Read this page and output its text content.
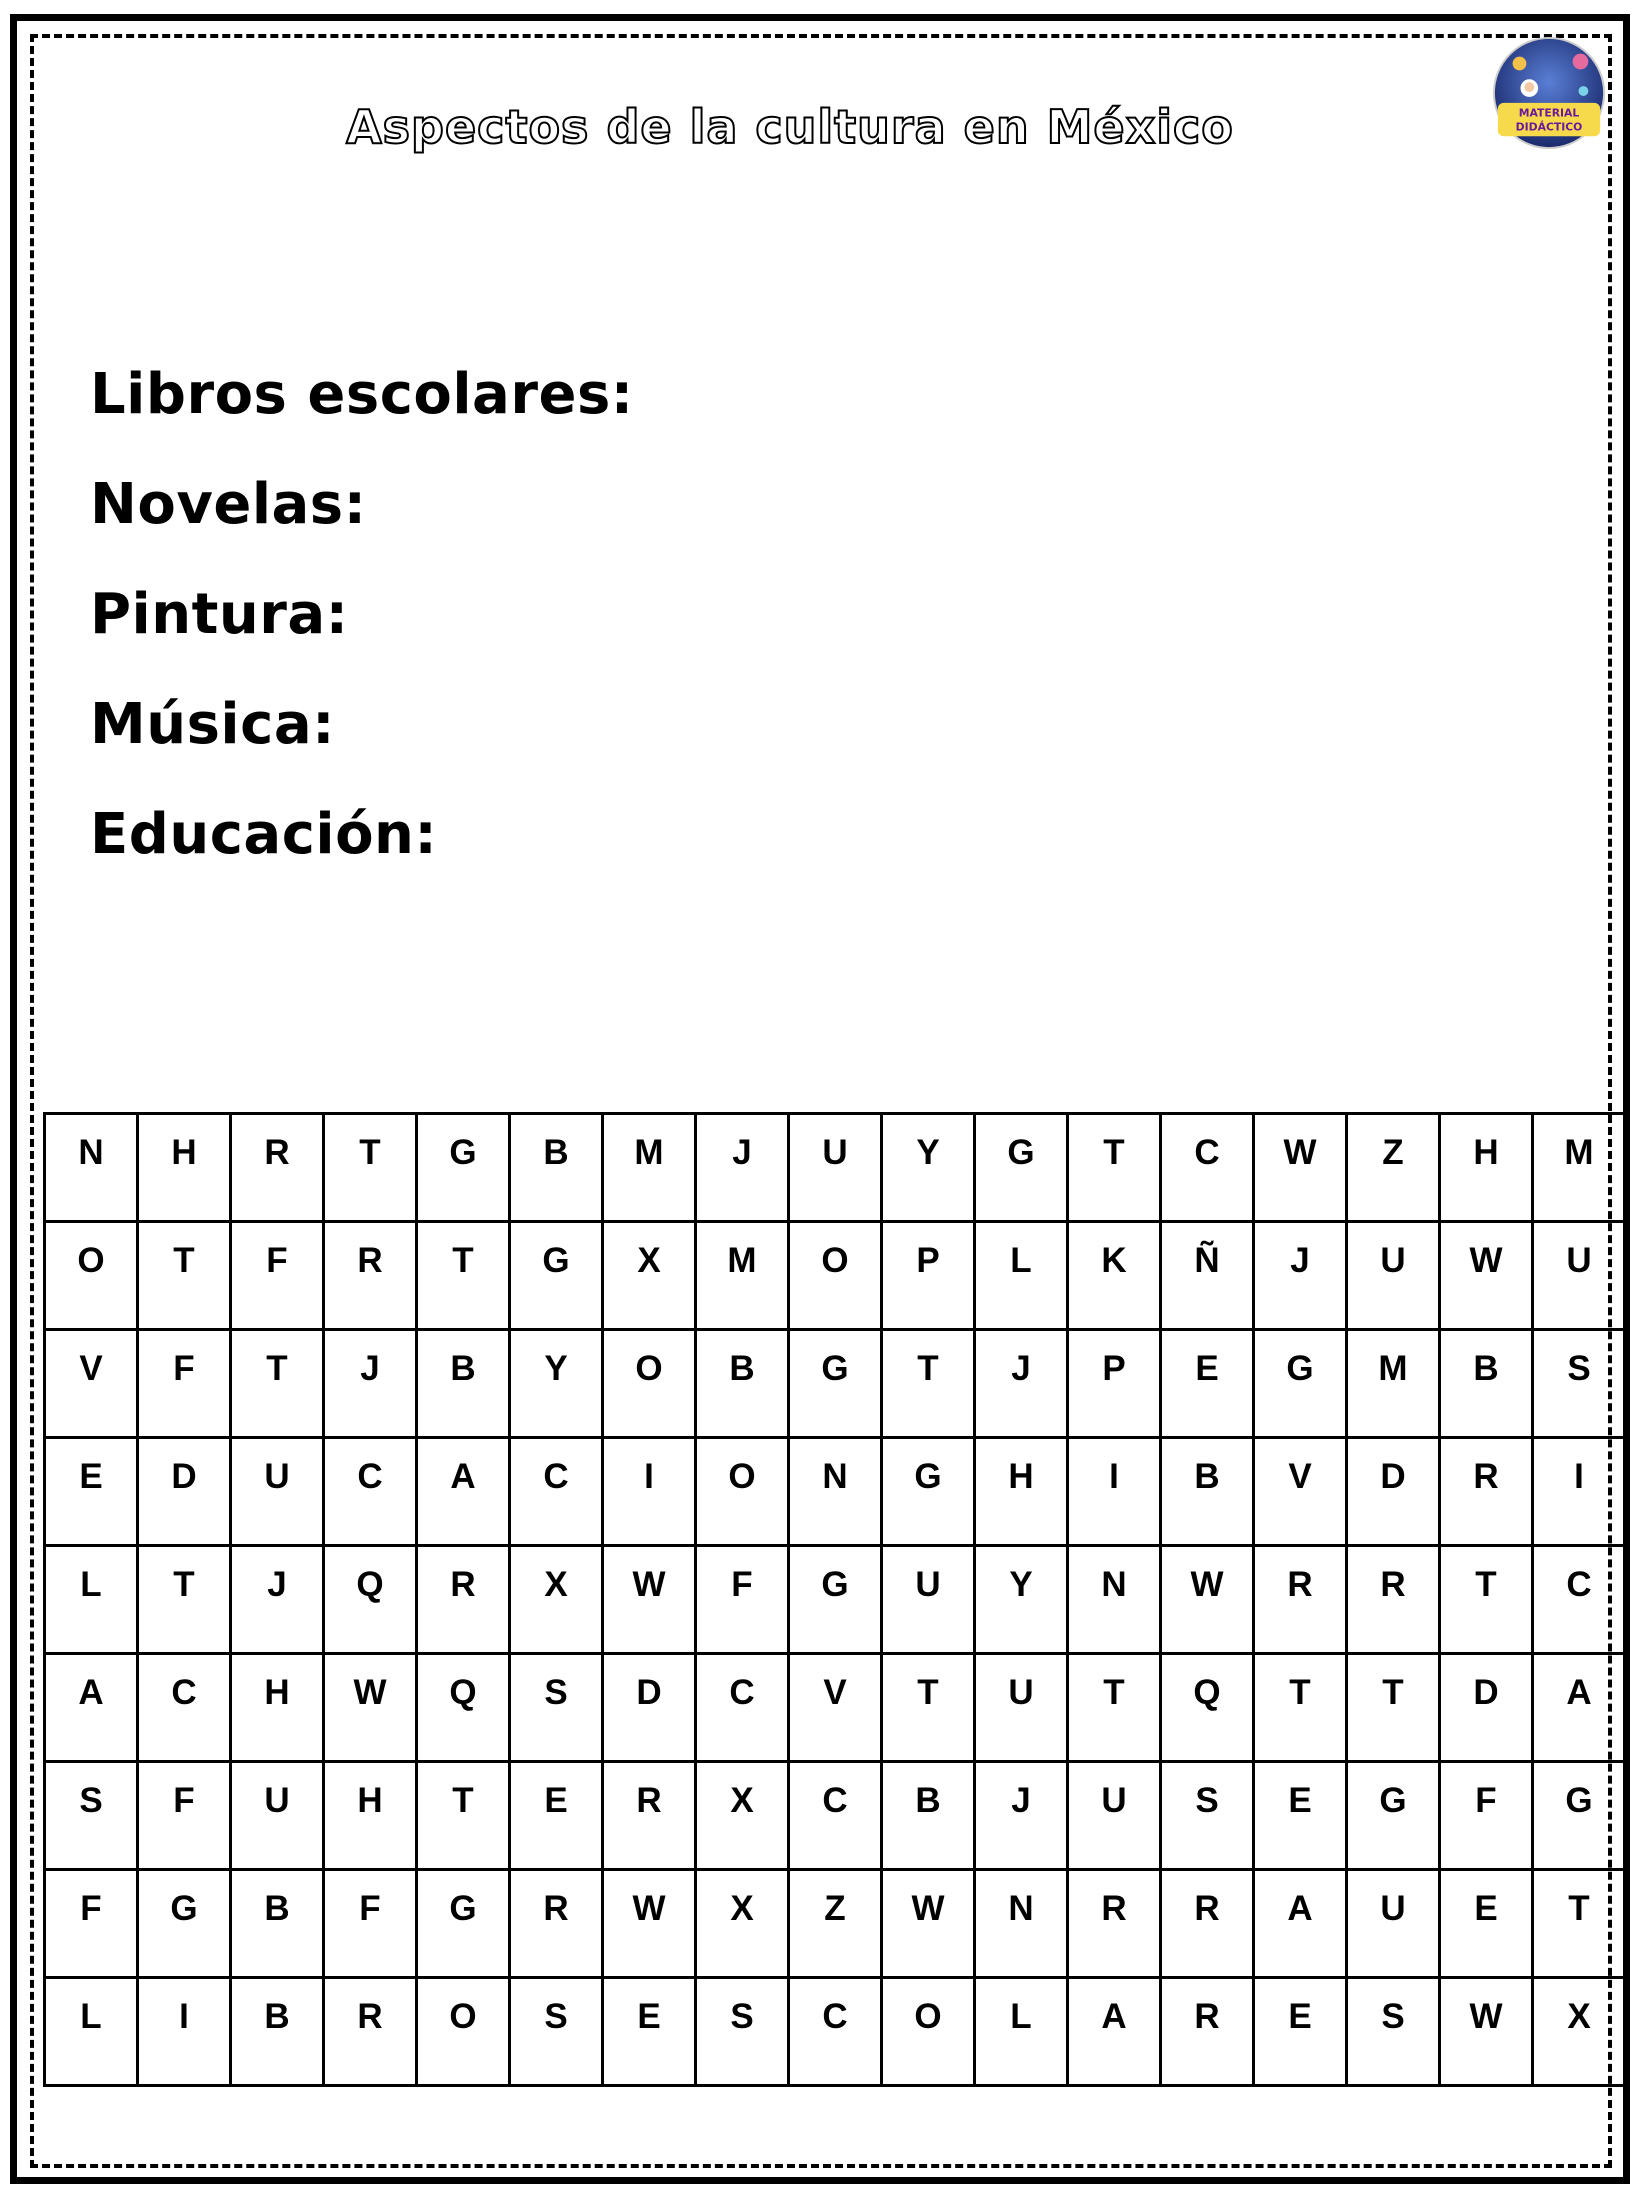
Aspectos de la cultura en México	MATERIAL
DIDÁCTICO
Libros escolares:
Novelas:
Pintura:
Música:
Educación:
N	H	R	T	G	B	M	J	U	Y	G	T	C	W	Z	H	M

O	T	F	R	T	G	X	M	O	P	L	K	Ñ	J	U	W	U

V	F	T	J	B	Y	O	B	G	T	J	P	E	G	M	B	S

E	D	U	C	A	C	I	O	N	G	H	I	B	V	D	R	I

L	T	J	Q	R	X	W	F	G	U	Y	N	W	R	R	T	C

A	C	H	W	Q	S	D	C	V	T	U	T	Q	T	T	D	A

S	F	U	H	T	E	R	X	C	B	J	U	S	E	G	F	G

F	G	B	F	G	R	W	X	Z	W	N	R	R	A	U	E	T

L	I	B	R	O	S	E	S	C	O	L	A	R	E	S	W	X
